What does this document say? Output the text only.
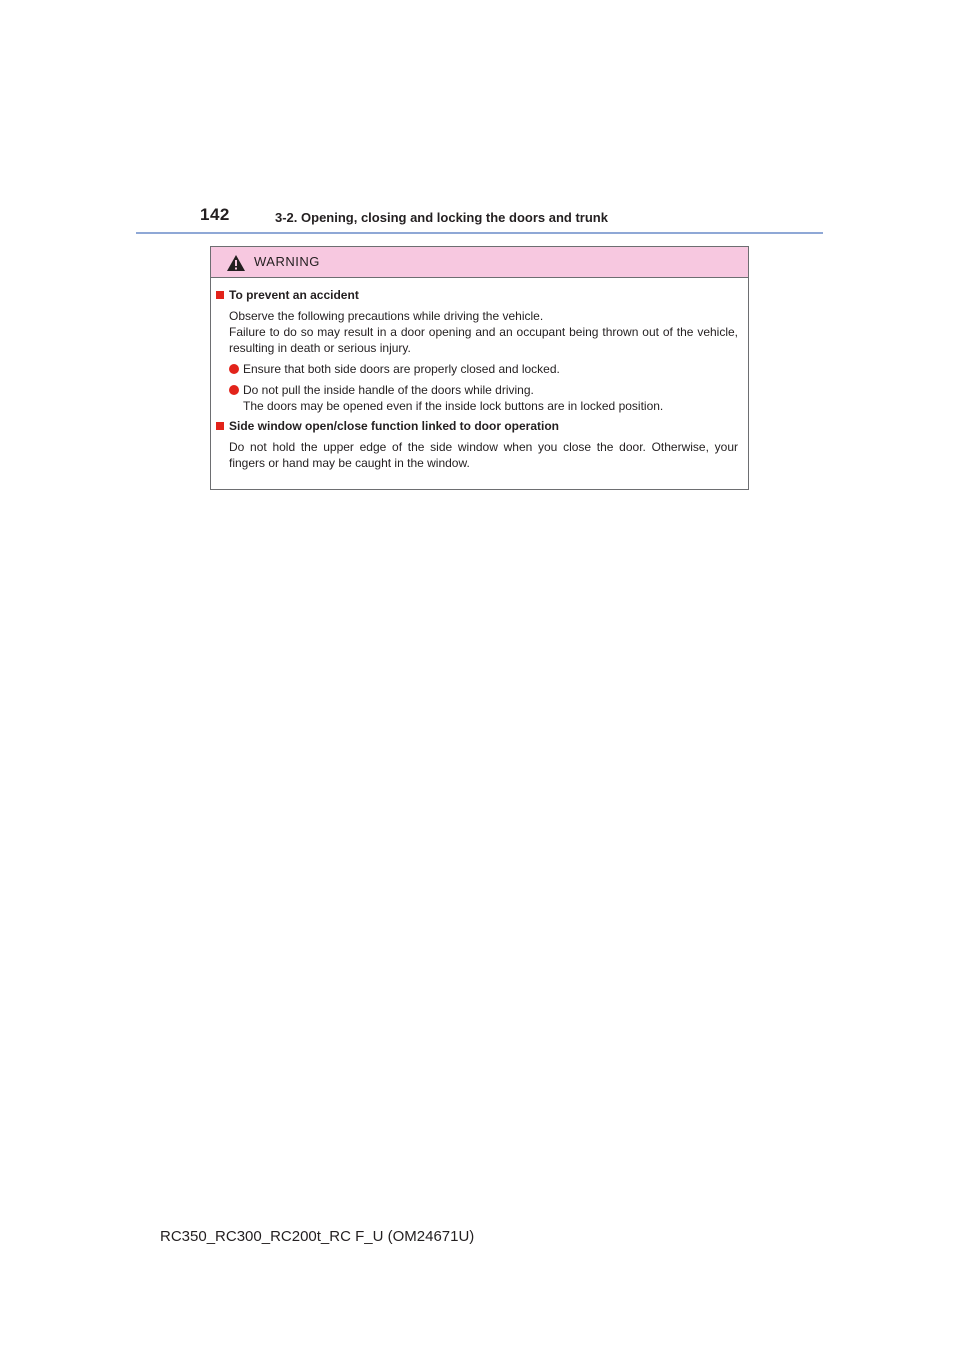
142	3-2. Opening, closing and locking the doors and trunk
WARNING
To prevent an accident
Observe the following precautions while driving the vehicle.
Failure to do so may result in a door opening and an occupant being thrown out of the vehicle, resulting in death or serious injury.
Ensure that both side doors are properly closed and locked.
Do not pull the inside handle of the doors while driving.
The doors may be opened even if the inside lock buttons are in locked position.
Side window open/close function linked to door operation
Do not hold the upper edge of the side window when you close the door. Otherwise, your fingers or hand may be caught in the window.
RC350_RC300_RC200t_RC F_U (OM24671U)
